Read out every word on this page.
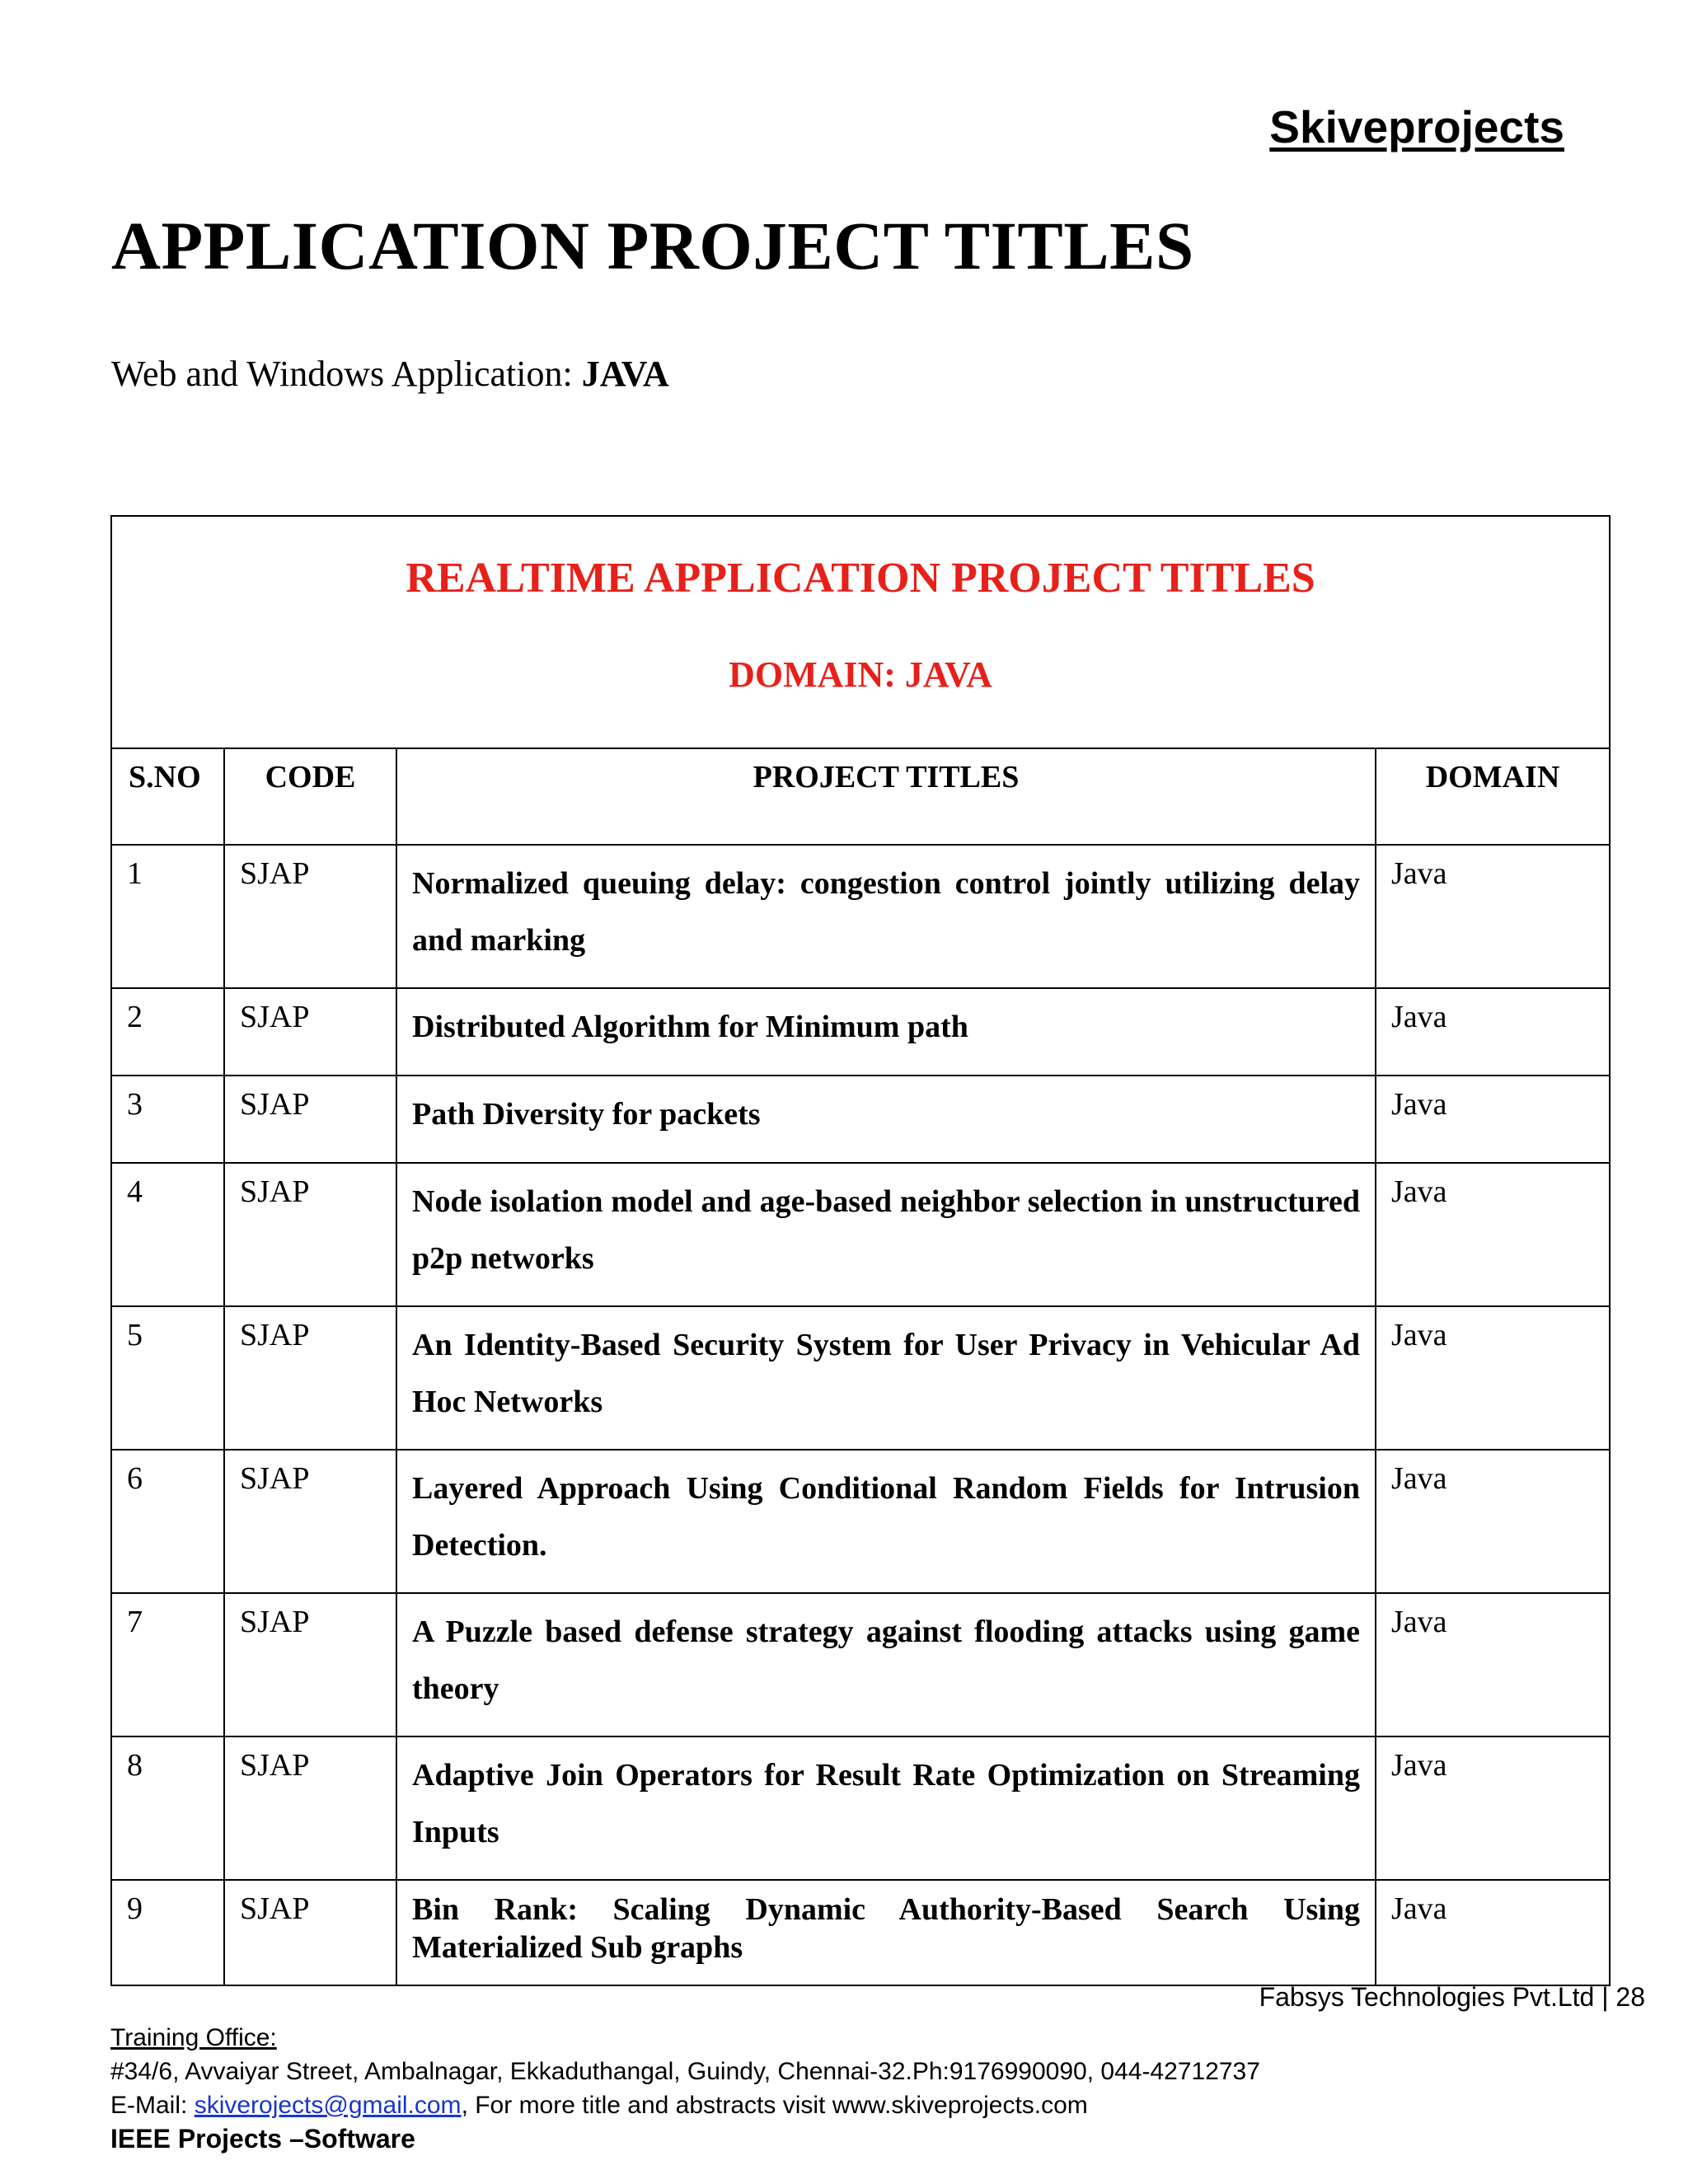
Skiveprojects
APPLICATION PROJECT TITLES
Web and Windows Application: JAVA
REALTIME APPLICATION PROJECT TITLES
DOMAIN: JAVA			

S.NO	CODE	PROJECT TITLES	DOMAIN
1	SJAP	Normalized queuing delay: congestion control jointly utilizing delay and marking	Java
2	SJAP	Distributed Algorithm for Minimum path	Java
3	SJAP	Path Diversity for packets	Java
4	SJAP	Node isolation model and age-based neighbor selection in unstructured p2p networks	Java
5	SJAP	An Identity-Based Security System for User Privacy in Vehicular Ad Hoc Networks	Java
6	SJAP	Layered Approach Using Conditional Random Fields for Intrusion Detection.	Java
7	SJAP	A Puzzle based defense strategy against flooding attacks using game theory	Java
8	SJAP	Adaptive Join Operators for Result Rate Optimization on Streaming Inputs	Java
9	SJAP	Bin Rank: Scaling Dynamic Authority-Based Search Using Materialized Sub graphs	Java
Fabsys Technologies Pvt.Ltd | 28
Training Office:
#34/6, Avvaiyar Street, Ambalnagar, Ekkaduthangal, Guindy, Chennai-32.Ph:9176990090, 044-42712737
E-Mail: skiverojects@gmail.com, For more title and abstracts visit www.skiveprojects.com
IEEE Projects –Software
